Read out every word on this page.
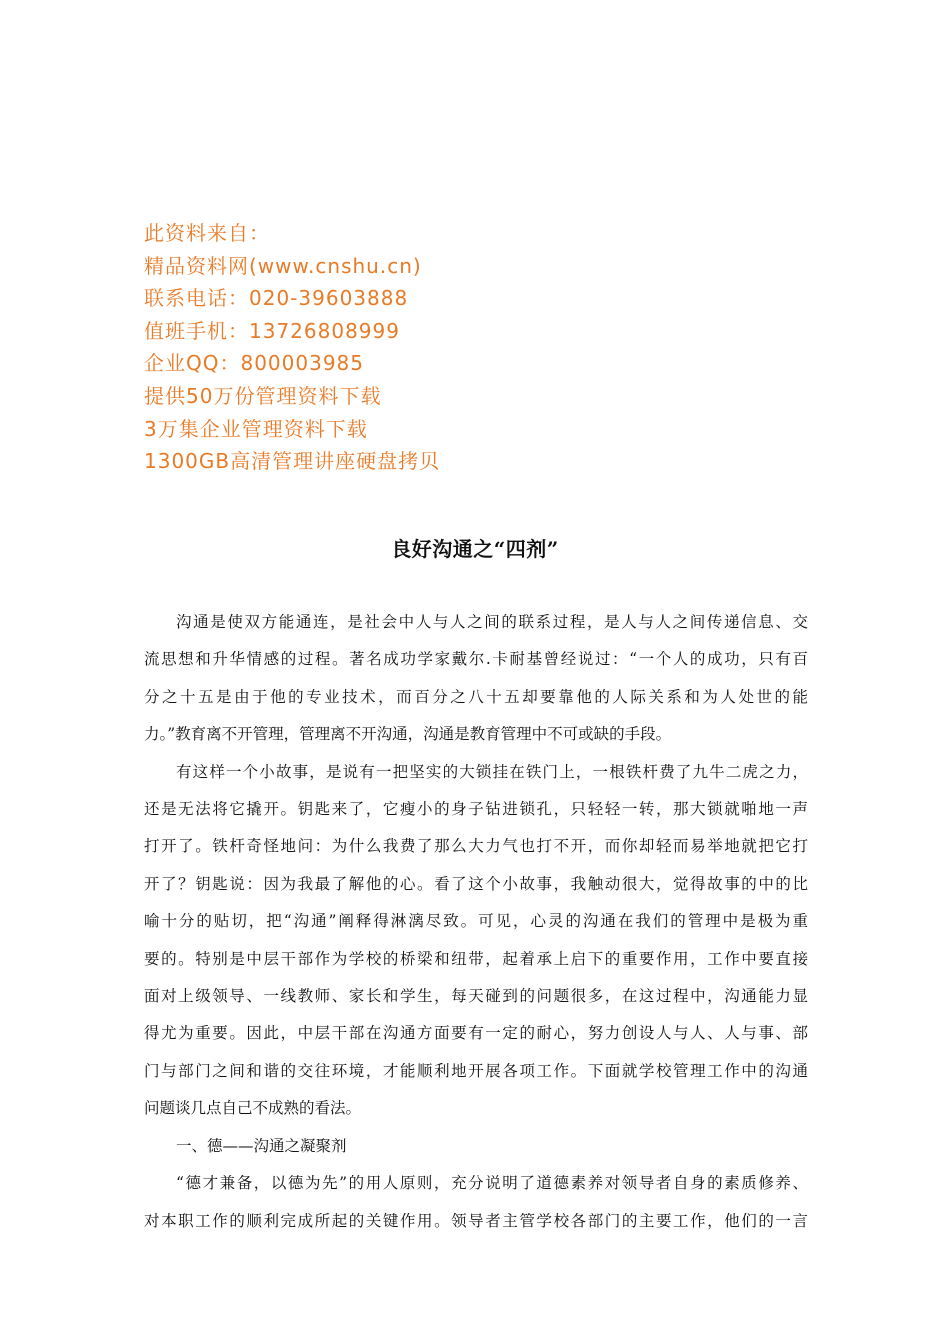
此资料来自：
精品资料网(www.cnshu.cn)
联系电话：020-39603888
值班手机：13726808999
企业QQ：800003985
提供50万份管理资料下载
3万集企业管理资料下载
1300GB高清管理讲座硬盘拷贝
良好沟通之“四剂”
沟通是使双方能通连，是社会中人与人之间的联系过程，是人与人之间传递信息、交
流思想和升华情感的过程。著名成功学家戴尔.卡耐基曾经说过：“一个人的成功，只有百
分之十五是由于他的专业技术，而百分之八十五却要靠他的人际关系和为人处世的能
力。”教育离不开管理，管理离不开沟通，沟通是教育管理中不可或缺的手段。
有这样一个小故事，是说有一把坚实的大锁挂在铁门上，一根铁杆费了九牛二虎之力，
还是无法将它撬开。钥匙来了，它瘦小的身子钻进锁孔，只轻轻一转，那大锁就啪地一声
打开了。铁杆奇怪地问：为什么我费了那么大力气也打不开，而你却轻而易举地就把它打
开了？钥匙说：因为我最了解他的心。看了这个小故事，我触动很大，觉得故事的中的比
喻十分的贴切，把“沟通”阐释得淋漓尽致。可见，心灵的沟通在我们的管理中是极为重
要的。特别是中层干部作为学校的桥梁和纽带，起着承上启下的重要作用，工作中要直接
面对上级领导、一线教师、家长和学生，每天碰到的问题很多，在这过程中，沟通能力显
得尤为重要。因此，中层干部在沟通方面要有一定的耐心，努力创设人与人、人与事、部
门与部门之间和谐的交往环境，才能顺利地开展各项工作。下面就学校管理工作中的沟通
问题谈几点自己不成熟的看法。
一、德——沟通之凝聚剂
“德才兼备，以德为先”的用人原则，充分说明了道德素养对领导者自身的素质修养、
对本职工作的顺利完成所起的关键作用。领导者主管学校各部门的主要工作，他们的一言
